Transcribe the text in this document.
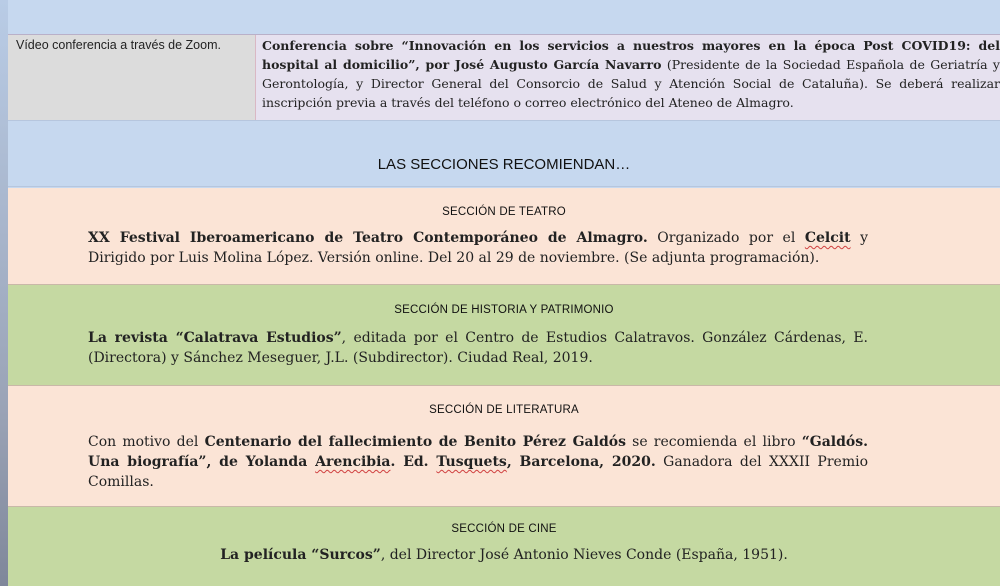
Vídeo conferencia a través de Zoom.	Conferencia sobre “Innovación en los servicios a nuestros mayores en la época Post COVID19: del hospital al domicilio”, por José Augusto García Navarro (Presidente de la Sociedad Española de Geriatría y Gerontología, y Director General del Consorcio de Salud y Atención Social de Cataluña). Se deberá realizar inscripción previa a través del teléfono o correo electrónico del Ateneo de Almagro.
LAS SECCIONES RECOMIENDAN…
SECCIÓN DE TEATRO
XX Festival Iberoamericano de Teatro Contemporáneo de Almagro. Organizado por el Celcit y Dirigido por Luis Molina López. Versión online. Del 20 al 29 de noviembre. (Se adjunta programación).
SECCIÓN DE HISTORIA Y PATRIMONIO
La revista “Calatrava Estudios”, editada por el Centro de Estudios Calatravos. González Cárdenas, E. (Directora) y Sánchez Meseguer, J.L. (Subdirector). Ciudad Real, 2019.
SECCIÓN DE LITERATURA
Con motivo del Centenario del fallecimiento de Benito Pérez Galdós se recomienda el libro “Galdós. Una biografía”, de Yolanda Arencibia. Ed. Tusquets, Barcelona, 2020. Ganadora del XXXII Premio Comillas.
SECCIÓN DE CINE
La película “Surcos”, del Director José Antonio Nieves Conde (España, 1951).
